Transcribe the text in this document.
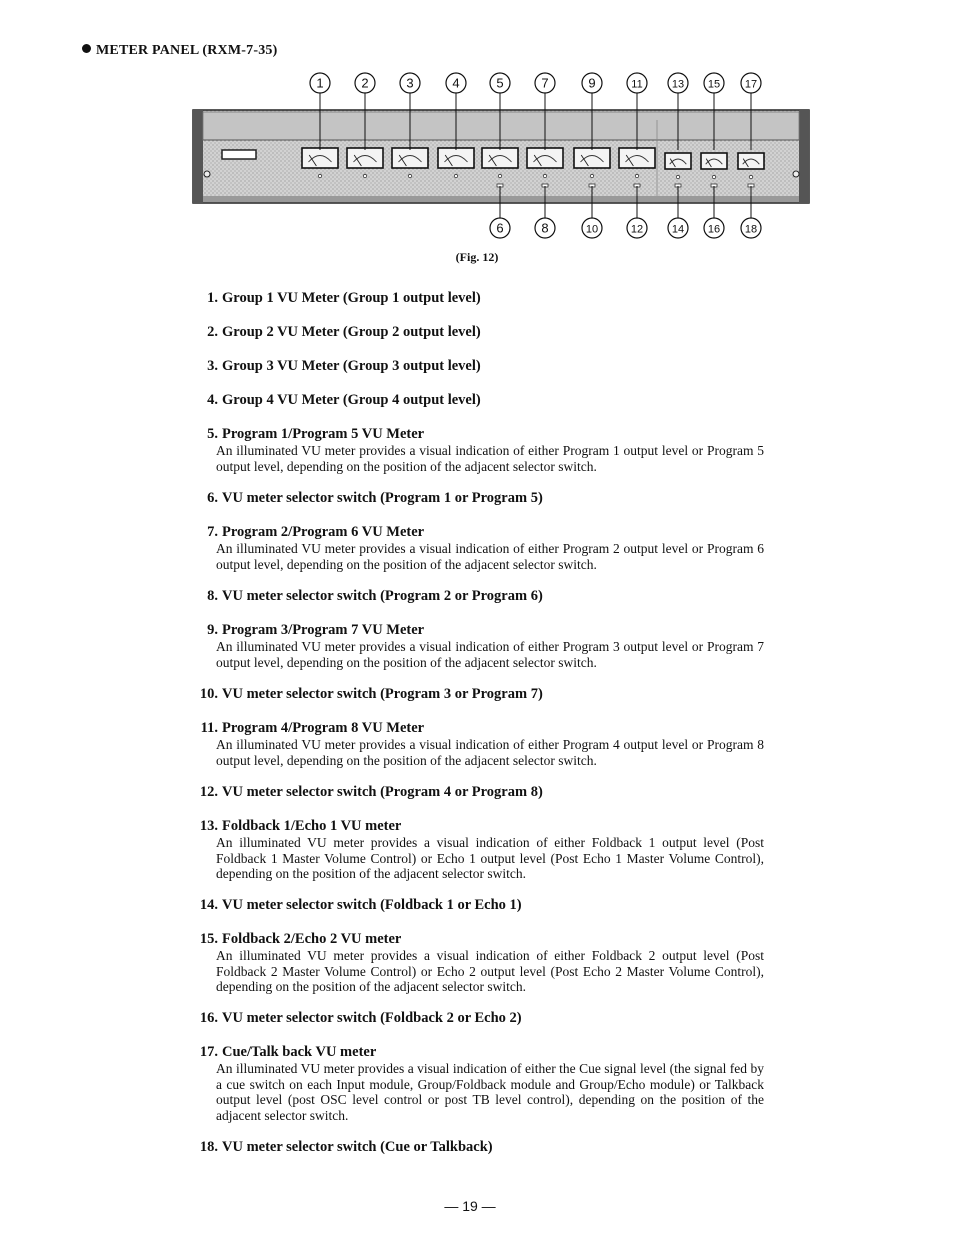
METER PANEL (RXM-7-35)
1	2	3	4	5	7	9	11	13 15 17
6	8	10	12	14 16 18
(Fig. 12)
1. Group 1 VU Meter (Group 1 output level)
2. Group 2 VU Meter (Group 2 output level)
3. Group 3 VU Meter (Group 3 output level)
4. Group 4 VU Meter (Group 4 output level)
5. Program 1/Program 5 VU Meter
An illuminated VU meter provides a visual indication of either Program 1 output level or Program 5 output level, depending on the position of the adjacent selector switch.
6. VU meter selector switch (Program 1 or Program 5)
7. Program 2/Program 6 VU Meter
An illuminated VU meter provides a visual indication of either Program 2 output level or Program 6 output level, depending on the position of the adjacent selector switch.
8. VU meter selector switch (Program 2 or Program 6)
9. Program 3/Program 7 VU Meter
An illuminated VU meter provides a visual indication of either Program 3 output level or Program 7 output level, depending on the position of the adjacent selector switch.
10. VU meter selector switch (Program 3 or Program 7)
11. Program 4/Program 8 VU Meter
An illuminated VU meter provides a visual indication of either Program 4 output level or Program 8 output level, depending on the position of the adjacent selector switch.
12. VU meter selector switch (Program 4 or Program 8)
13. Foldback 1/Echo 1 VU meter
An illuminated VU meter provides a visual indication of either Foldback 1 output level (Post Foldback 1 Master Volume Control) or Echo 1 output level (Post Echo 1 Master Volume Control), depending on the position of the adjacent selector switch.
14. VU meter selector switch (Foldback 1 or Echo 1)
15. Foldback 2/Echo 2 VU meter
An illuminated VU meter provides a visual indication of either Foldback 2 output level (Post Foldback 2 Master Volume Control) or Echo 2 output level (Post Echo 2 Master Volume Control), depending on the position of the adjacent selector switch.
16. VU meter selector switch (Foldback 2 or Echo 2)
17. Cue/Talk back VU meter
An illuminated VU meter provides a visual indication of either the Cue signal level (the signal fed by a cue switch on each Input module, Group/Foldback module and Group/Echo module) or Talkback output level (post OSC level control or post TB level control), depending on the position of the adjacent selector switch.
18. VU meter selector switch (Cue or Talkback)
— 19 —
